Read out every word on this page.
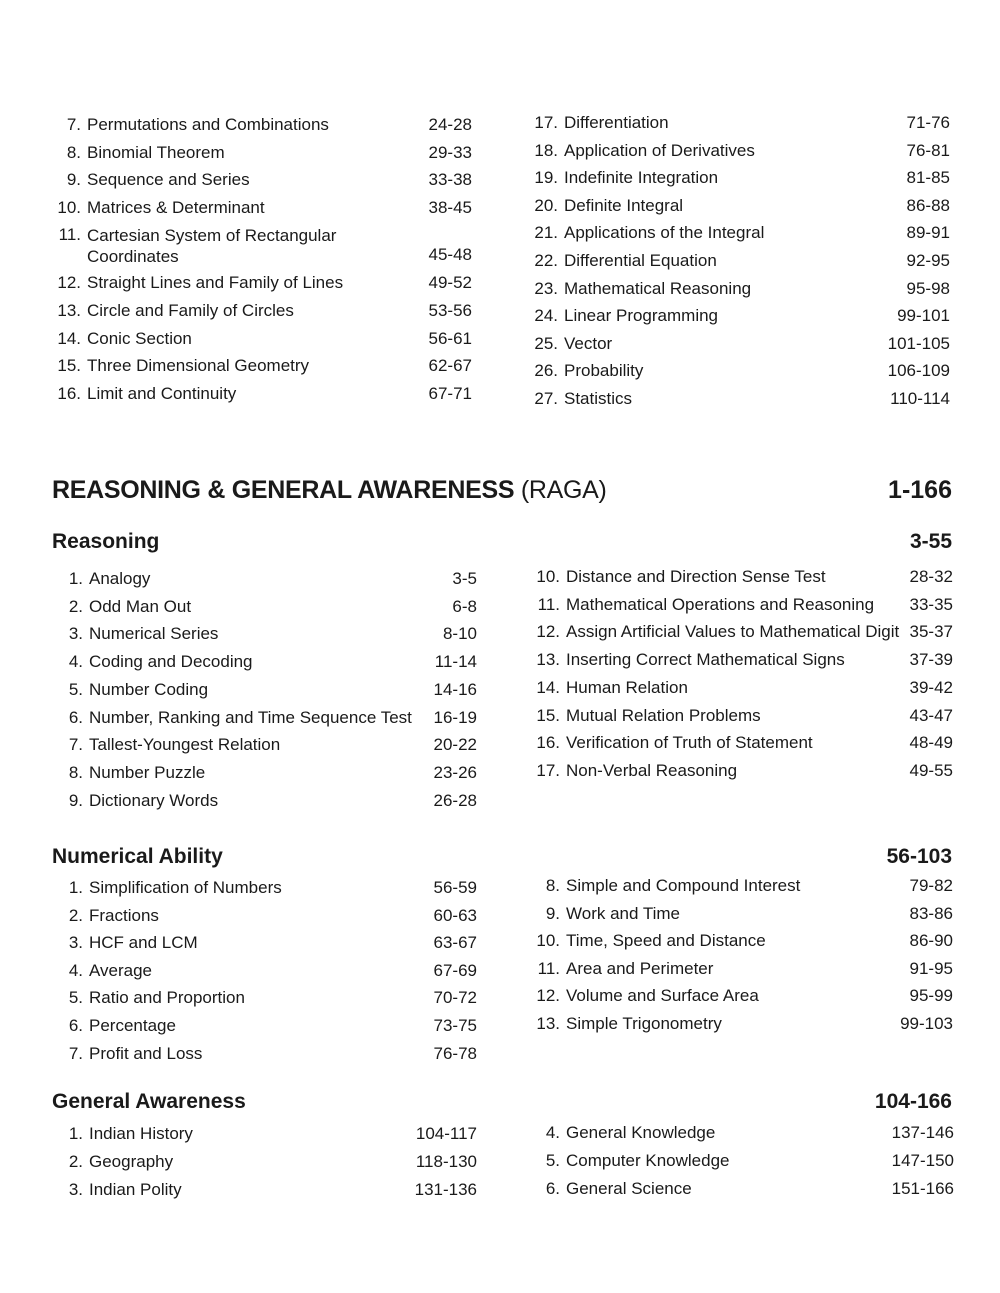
7. Permutations and Combinations	24-28
8. Binomial Theorem	29-33
9. Sequence and Series	33-38
10. Matrices & Determinant	38-45
11. Cartesian System of Rectangular Coordinates	45-48
12. Straight Lines and Family of Lines	49-52
13. Circle and Family of Circles	53-56
14. Conic Section	56-61
15. Three Dimensional Geometry	62-67
16. Limit and Continuity	67-71
17. Differentiation	71-76
18. Application of Derivatives	76-81
19. Indefinite Integration	81-85
20. Definite Integral	86-88
21. Applications of the Integral	89-91
22. Differential Equation	92-95
23. Mathematical Reasoning	95-98
24. Linear Programming	99-101
25. Vector	101-105
26. Probability	106-109
27. Statistics	110-114
REASONING & GENERAL AWARENESS (RAGA)	1-166
Reasoning	3-55
1. Analogy	3-5
2. Odd Man Out	6-8
3. Numerical Series	8-10
4. Coding and Decoding	11-14
5. Number Coding	14-16
6. Number, Ranking and Time Sequence Test 16-19
7. Tallest-Youngest Relation	20-22
8. Number Puzzle	23-26
9. Dictionary Words	26-28
10. Distance and Direction Sense Test	28-32
11. Mathematical Operations and Reasoning 33-35
12. Assign Artificial Values to Mathematical Digit 35-37
13. Inserting Correct Mathematical Signs	37-39
14. Human Relation	39-42
15. Mutual Relation Problems	43-47
16. Verification of Truth of Statement	48-49
17. Non-Verbal Reasoning	49-55
Numerical Ability	56-103
1. Simplification of Numbers	56-59
2. Fractions	60-63
3. HCF and LCM	63-67
4. Average	67-69
5. Ratio and Proportion	70-72
6. Percentage	73-75
7. Profit and Loss	76-78
8. Simple and Compound Interest	79-82
9. Work and Time	83-86
10. Time, Speed and Distance	86-90
11. Area and Perimeter	91-95
12. Volume and Surface Area	95-99
13. Simple Trigonometry	99-103
General Awareness	104-166
1. Indian History	104-117
2. Geography	118-130
3. Indian Polity	131-136
4. General Knowledge	137-146
5. Computer Knowledge	147-150
6. General Science	151-166
